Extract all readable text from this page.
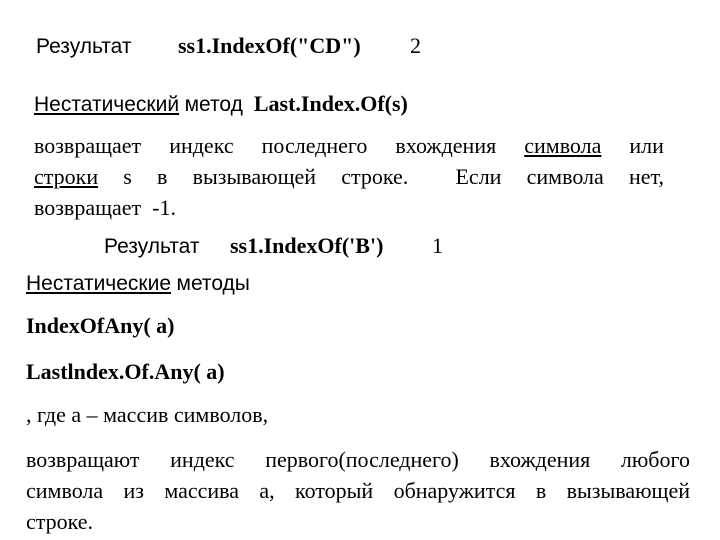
Результат ss1.IndexOf("CD") 2
Нестатический метод Last.Index.Of(s)
возвращает индекс последнего вхождения символа или
строки s в вызывающей строке. Если символа нет,
возвращает  -1.
Результат ss1.IndexOf('B') 1
Нестатические методы
IndexOfAny( a)
Lastlndex.Of.Any( a)
, где а – массив символов,
возвращают индекс первого(последнего) вхождения любого
символа из массива а, который обнаружится в вызывающей
строке.
